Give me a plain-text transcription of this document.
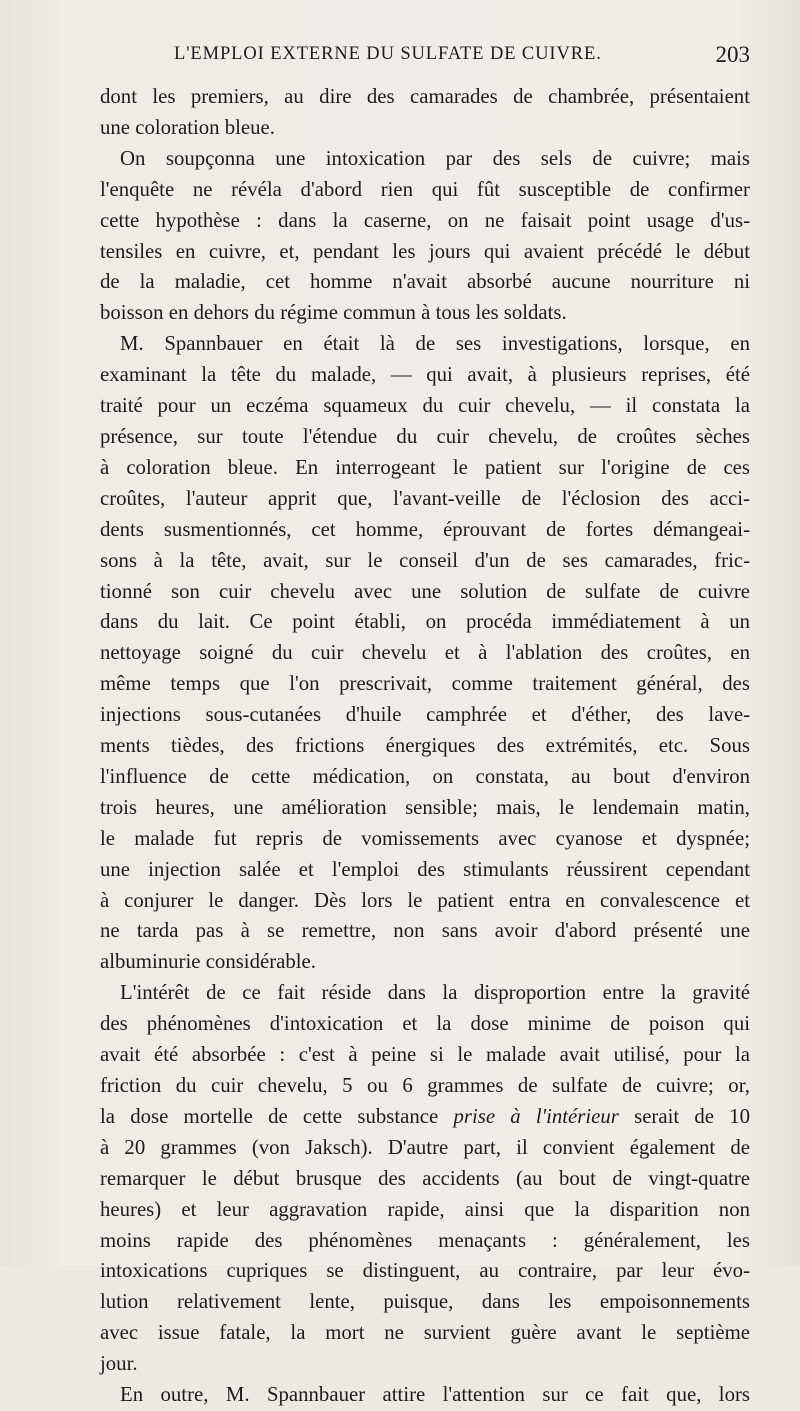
L'EMPLOI EXTERNE DU SULFATE DE CUIVRE.	203

dont les premiers, au dire des camarades de chambrée, présentaient
une coloration bleue.

On soupçonna une intoxication par des sels de cuivre; mais
l'enquête ne révéla d'abord rien qui fût susceptible de confirmer
cette hypothèse : dans la caserne, on ne faisait point usage d'us-
tensiles en cuivre, et, pendant les jours qui avaient précédé le début
de la maladie, cet homme n'avait absorbé aucune nourriture ni
boisson en dehors du régime commun à tous les soldats.

M. Spannbauer en était là de ses investigations, lorsque, en
examinant la tête du malade, — qui avait, à plusieurs reprises, été
traité pour un eczéma squameux du cuir chevelu, — il constata la
présence, sur toute l'étendue du cuir chevelu, de croûtes sèches
à coloration bleue. En interrogeant le patient sur l'origine de ces
croûtes, l'auteur apprit que, l'avant-veille de l'éclosion des acci-
dents susmentionnés, cet homme, éprouvant de fortes démangeai-
sons à la tête, avait, sur le conseil d'un de ses camarades, fric-
tionné son cuir chevelu avec une solution de sulfate de cuivre
dans du lait. Ce point établi, on procéda immédiatement à un
nettoyage soigné du cuir chevelu et à l'ablation des croûtes, en
même temps que l'on prescrivait, comme traitement général, des
injections sous-cutanées d'huile camphrée et d'éther, des lave-
ments tièdes, des frictions énergiques des extrémités, etc. Sous
l'influence de cette médication, on constata, au bout d'environ
trois heures, une amélioration sensible; mais, le lendemain matin,
le malade fut repris de vomissements avec cyanose et dyspnée;
une injection salée et l'emploi des stimulants réussirent cependant
à conjurer le danger. Dès lors le patient entra en convalescence et
ne tarda pas à se remettre, non sans avoir d'abord présenté une
albuminurie considérable.

L'intérêt de ce fait réside dans la disproportion entre la gravité
des phénomènes d'intoxication et la dose minime de poison qui
avait été absorbée : c'est à peine si le malade avait utilisé, pour la
friction du cuir chevelu, 5 ou 6 grammes de sulfate de cuivre; or,
la dose mortelle de cette substance prise à l'intérieur serait de 10
à 20 grammes (von Jaksch). D'autre part, il convient également de
remarquer le début brusque des accidents (au bout de vingt-quatre
heures) et leur aggravation rapide, ainsi que la disparition non
moins rapide des phénomènes menaçants : généralement, les
intoxications cupriques se distinguent, au contraire, par leur évo-
lution relativement lente, puisque, dans les empoisonnements
avec issue fatale, la mort ne survient guère avant le septième
jour.

En outre, M. Spannbauer attire l'attention sur ce fait que, lors
